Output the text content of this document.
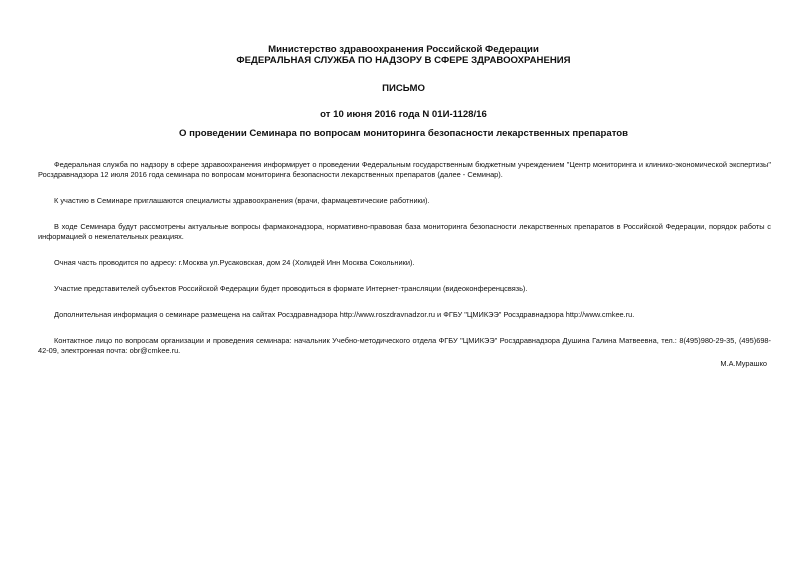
Министерство здравоохранения Российской Федерации
ФЕДЕРАЛЬНАЯ СЛУЖБА ПО НАДЗОРУ В СФЕРЕ ЗДРАВООХРАНЕНИЯ
ПИСЬМО
от 10 июня 2016 года N 01И-1128/16
О проведении Семинара по вопросам мониторинга безопасности лекарственных препаратов

Федеральная служба по надзору в сфере здравоохранения информирует о проведении Федеральным государственным бюджетным учреждением "Центр мониторинга и клинико-экономической экспертизы" Росздравнадзора 12 июля 2016 года семинара по вопросам мониторинга безопасности лекарственных препаратов (далее - Семинар).

К участию в Семинаре приглашаются специалисты здравоохранения (врачи, фармацевтические работники).

В ходе Семинара будут рассмотрены актуальные вопросы фармаконадзора, нормативно-правовая база мониторинга безопасности лекарственных препаратов в Российской Федерации, порядок работы с информацией о нежелательных реакциях.

Очная часть проводится по адресу: г.Москва ул.Русаковская, дом 24 (Холидей Инн Москва Сокольники).

Участие представителей субъектов Российской Федерации будет проводиться в формате Интернет-трансляции (видеоконференцсвязь).

Дополнительная информация о семинаре размещена на сайтах Росздравнадзора http://www.roszdravnadzor.ru и ФГБУ "ЦМИКЭЭ" Росздравнадзора http://www.cmkee.ru.

Контактное лицо по вопросам организации и проведения семинара: начальник Учебно-методического отдела ФГБУ "ЦМИКЭЭ" Росздравнадзора Душина Галина Матвеевна, тел.: 8(495)980-29-35, (495)698-42-09, электронная почта: obr@cmkee.ru.

М.А.Мурашко
